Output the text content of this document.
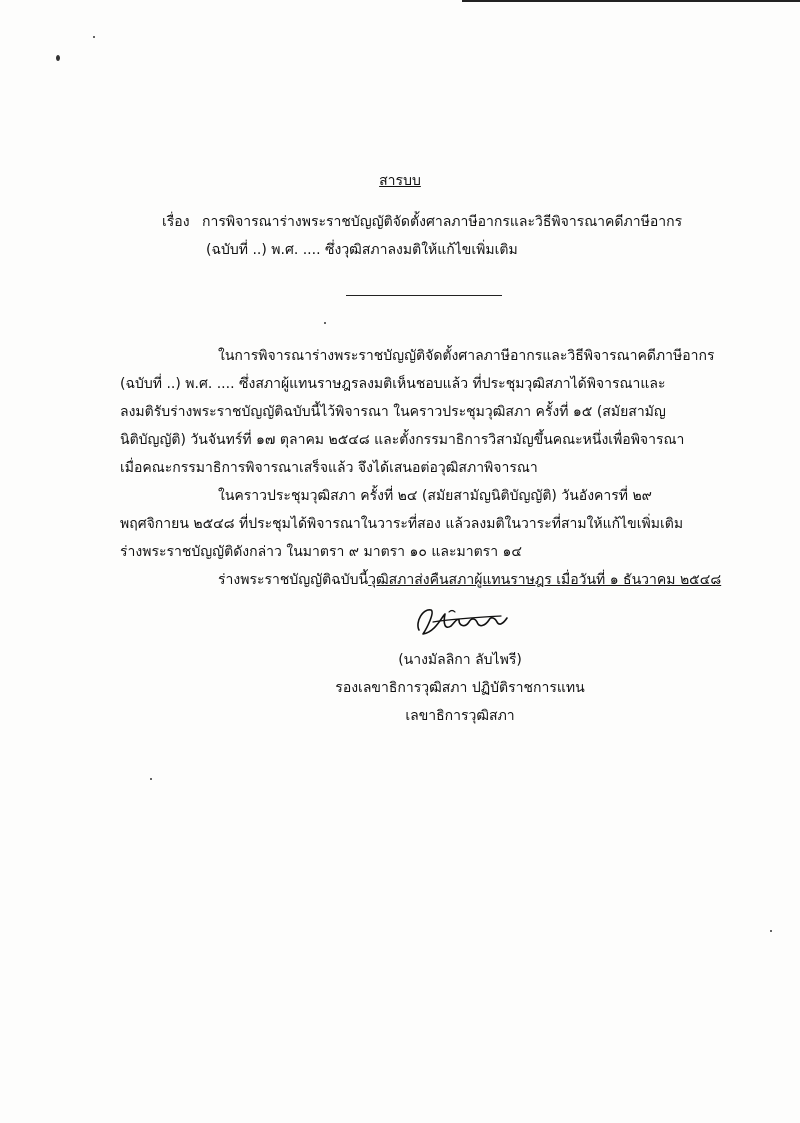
สารบบ
เรื่อง การพิจารณาร่างพระราชบัญญัติจัดตั้งศาลภาษีอากรและวิธีพิจารณาคดีภาษีอากร
(ฉบับที่ ..) พ.ศ. .... ซึ่งวุฒิสภาลงมติให้แก้ไขเพิ่มเติม

ในการพิจารณาร่างพระราชบัญญัติจัดตั้งศาลภาษีอากรและวิธีพิจารณาคดีภาษีอากร

(ฉบับที่ ..) พ.ศ. .... ซึ่งสภาผู้แทนราษฎรลงมติเห็นชอบแล้ว ที่ประชุมวุฒิสภาได้พิจารณาและ

ลงมติรับร่างพระราชบัญญัติฉบับนี้ไว้พิจารณา ในคราวประชุมวุฒิสภา ครั้งที่ ๑๕ (สมัยสามัญ

นิติบัญญัติ) วันจันทร์ที่ ๑๗ ตุลาคม ๒๕๔๘ และตั้งกรรมาธิการวิสามัญขึ้นคณะหนึ่งเพื่อพิจารณา

เมื่อคณะกรรมาธิการพิจารณาเสร็จแล้ว จึงได้เสนอต่อวุฒิสภาพิจารณา

ในคราวประชุมวุฒิสภา ครั้งที่ ๒๔ (สมัยสามัญนิติบัญญัติ) วันอังคารที่ ๒๙

พฤศจิกายน ๒๕๔๘ ที่ประชุมได้พิจารณาในวาระที่สอง แล้วลงมติในวาระที่สามให้แก้ไขเพิ่มเติม

ร่างพระราชบัญญัติดังกล่าว ในมาตรา ๙ มาตรา ๑๐ และมาตรา ๑๔

ร่างพระราชบัญญัติฉบับนี้วุฒิสภาส่งคืนสภาผู้แทนราษฎร เมื่อวันที่ ๑ ธันวาคม ๒๕๔๘

(นางมัลลิกา ลับไพรี)

รองเลขาธิการวุฒิสภา ปฏิบัติราชการแทน

เลขาธิการวุฒิสภา
